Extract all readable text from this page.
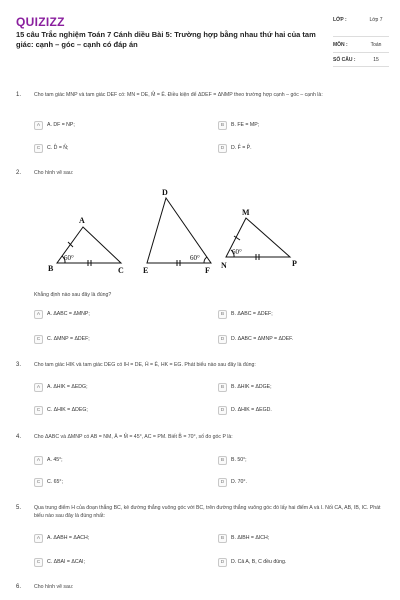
QUIZIZZ
15 câu Trắc nghiệm Toán 7 Cánh diều Bài 5: Trường hợp bằng nhau thứ hai của tam giác: cạnh – góc – cạnh có đáp án
LỚP :	Lớp 7
MÔN :	Toán
SỐ CÂU :	15
1. Cho tam giác MNP và tam giác DEF có: MN = DE, M̂ = Ê. Điều kiện để ΔDEF = ΔNMP theo trường hợp cạnh – góc – cạnh là:
A	A. DF = NP;	B	B. FE = MP;
C	C. D̂ = N̂;	D	D. F̂ = P̂.
2. Cho hình vẽ sau:
A
B	C
D
E	F
M
N	P
60°	60°
60°
Khẳng định nào sau đây là đúng?
A	A. ΔABC = ΔMNP;	B	B. ΔABC = ΔDEF;
C	C. ΔMNP = ΔDEF;	D	D. ΔABC = ΔMNP = ΔDEF.
3. Cho tam giác HIK và tam giác DEG có IH = DE, Ĥ = Ê, HK = EG. Phát biểu nào sau đây là đúng:
A	A. ΔHIK = ΔEDG;	B	B. ΔHIK = ΔDGE;
C	C. ΔHIK = ΔDEG;	D	D. ΔHIK = ΔEGD.
4. Cho ΔABC và ΔMNP có AB = NM, Â = M̂ = 45°, AC = PM. Biết B̂ = 70°, số đo góc P là:
A	A. 45°;	B	B. 50°;
C	C. 65°;	D	D. 70°.
5. Qua trung điểm H của đoạn thẳng BC, kẻ đường thẳng vuông góc với BC, trên đường thẳng vuông góc đó lấy hai điểm A và I. Nối CA, AB, IB, IC. Phát biểu nào sau đây là đúng nhất:
A	A. ΔABH = ΔACH;	B	B. ΔIBH = ΔICH;
C	C. ΔBAI = ΔCAI;	D	D. Cả A, B, C đều đúng.
6. Cho hình vẽ sau:
